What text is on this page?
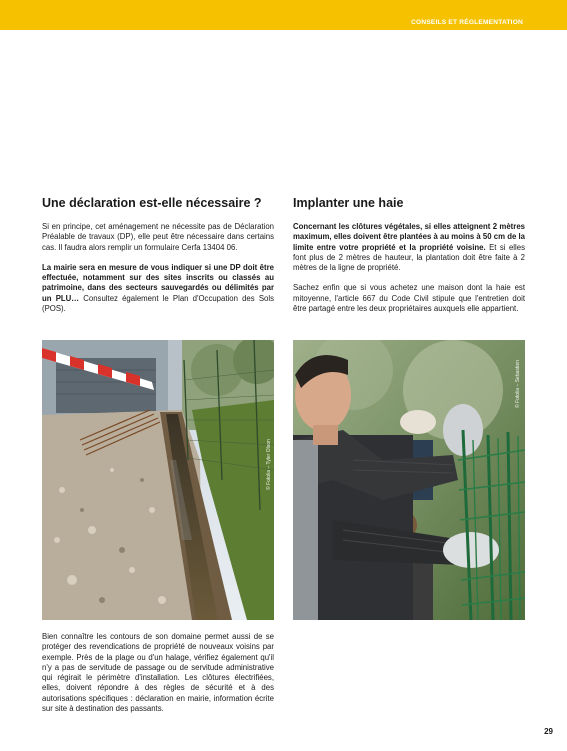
CONSEILS ET RÉGLEMENTATION
Une déclaration est-elle nécessaire ?

Si en principe, cet aménagement ne nécessite pas de Déclaration Préalable de travaux (DP), elle peut être nécessaire dans certains cas. Il faudra alors remplir un formulaire Cerfa 13404 06.

La mairie sera en mesure de vous indiquer si une DP doit être effectuée, notamment sur des sites inscrits ou classés au patrimoine, dans des secteurs sauvegardés ou délimités par un PLU… Consultez également le Plan d'Occupation des Sols (POS).

© Fotolia – Tyler Olson
Bien connaître les contours de son domaine permet aussi de se protéger des revendications de propriété de nouveaux voisins par exemple. Près de la plage ou d'un halage, vérifiez également qu'il n'y a pas de servitude de passage ou de servitude administrative qui régirait le périmètre d'installation. Les clôtures électrifiées, elles, doivent répondre à des règles de sécurité et à des autorisations spécifiques : déclaration en mairie, information écrite sur site à destination des passants.
Implanter une haie

Concernant les clôtures végétales, si elles atteignent 2 mètres maximum, elles doivent être plantées à au moins à 50 cm de la limite entre votre propriété et la propriété voisine. Et si elles font plus de 2 mètres de hauteur, la plantation doit être faite à 2 mètres de la ligne de propriété.

Sachez enfin que si vous achetez une maison dont la haie est mitoyenne, l'article 667 du Code Civil stipule que l'entretien doit être partagé entre les deux propriétaires auxquels elle appartient.

© Fotolia – Sebastien
29
